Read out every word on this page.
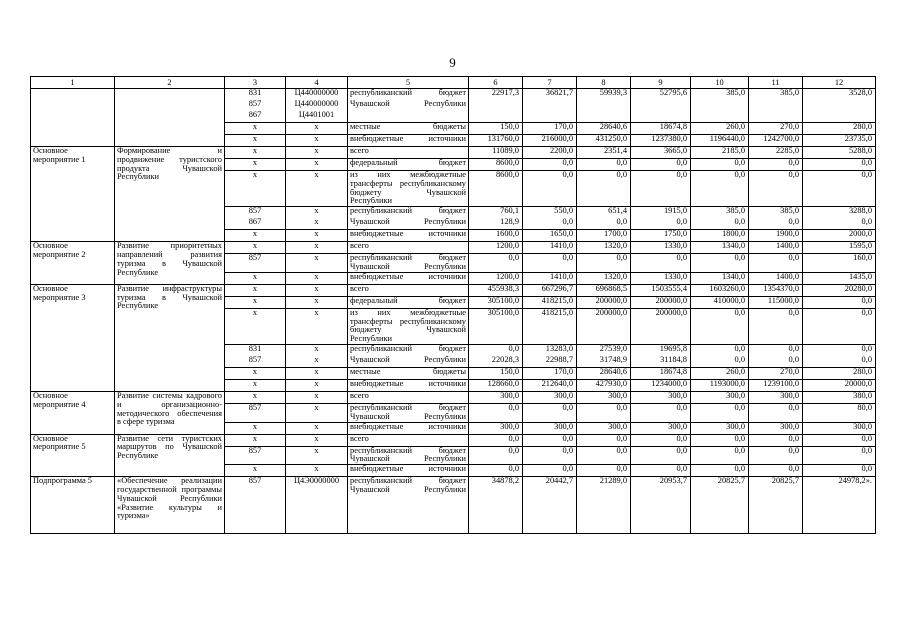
9
1	2	3	4	5	6	7	8	9	10	11	12
		831	Ц440000000	республиканский бюджет	22917,3	36821,7	59939,3	52795,6	385,0	385,0	3528,0
		857	Ц440000000	Чувашской Республики							
		867	Ц4401001								
		x	x	местные бюджеты	150,0	170,0	28640,6	18674,8	260,0	270,0	280,0
		x	x	внебюджетные источники	131760,0	216000,0	431250,0	1237380,0	1196440,0	1242700,0	23735,0
Основное мероприятие 1	Формирование и продвижение туристского продукта Чувашской Республики	x	x	всего	11089,0	2200,0	2351,4	3665,0	2185,0	2285,0	5288,0
		x	x	федеральный бюджет	8600,0	0,0	0,0	0,0	0,0	0,0	0,0
		x	x	из них межбюджетные трансферты республиканскому бюджету Чувашской Республики	8600,0	0,0	0,0	0,0	0,0	0,0	0,0
		857	x	республиканский бюджет	760,1	550,0	651,4	1915,0	385,0	385,0	3288,0
		867	x	Чувашской Республики	128,9	0,0	0,0	0,0	0,0	0,0	0,0
		x	x	внебюджетные источники	1600,0	1650,0	1700,0	1750,0	1800,0	1900,0	2000,0
Основное мероприятие 2	Развитие приоритетных направлений развития туризма в Чувашской Республике	x	x	всего	1200,0	1410,0	1320,0	1330,0	1340,0	1400,0	1595,0
		857	x	республиканский бюджет Чувашской Республики	0,0	0,0	0,0	0,0	0,0	0,0	160,0
		x	x	внебюджетные источники	1200,0	1410,0	1320,0	1330,0	1340,0	1400,0	1435,0
Основное мероприятие 3	Развитие инфраструктуры туризма в Чувашской Республике	x	x	всего	455938,3	667296,7	696868,5	1503555,4	1603260,0	1354370,0	20280,0
		x	x	федеральный бюджет	305100,0	418215,0	200000,0	200000,0	410000,0	115000,0	0,0
		x	x	из них межбюджетные трансферты республиканскому бюджету Чувашской Республики	305100,0	418215,0	200000,0	200000,0	0,0	0,0	0,0
		831	x	республиканский бюджет	0,0	13283,0	27539,0	19695,8	0,0	0,0	0,0
		857	x	Чувашской Республики	22028,3	22988,7	31748,9	31184,8	0,0	0,0	0,0
		x	x	местные бюджеты	150,0	170,0	28640,6	18674,8	260,0	270,0	280,0
		x	x	внебюджетные источники	128660,0	212640,0	427930,0	1234000,0	1193000,0	1239100,0	20000,0
Основное мероприятие 4	Развитие системы кадрового и организационно-методического обеспечения в сфере туризма	x	x	всего	300,0	300,0	300,0	300,0	300,0	300,0	380,0
		857	x	республиканский бюджет Чувашской Республики	0,0	0,0	0,0	0,0	0,0	0,0	80,0
		x	x	внебюджетные источники	300,0	300,0	300,0	300,0	300,0	300,0	300,0
Основное мероприятие 5	Развитие сети туристских маршрутов по Чувашской Республике	x	x	всего	0,0	0,0	0,0	0,0	0,0	0,0	0,0
		857	x	республиканский бюджет Чувашской Республики	0,0	0,0	0,0	0,0	0,0	0,0	0,0
		x	x	внебюджетные источники	0,0	0,0	0,0	0,0	0,0	0,0	0,0
Подпрограмма 5	«Обеспечение реализации государственной программы Чувашской Республики «Развитие культуры и туризма»	857	Ц4Э0000000	республиканский бюджет Чувашской Республики	34878,2	20442,7	21289,0	20953,7	20825,7	20825,7	24978,2».
